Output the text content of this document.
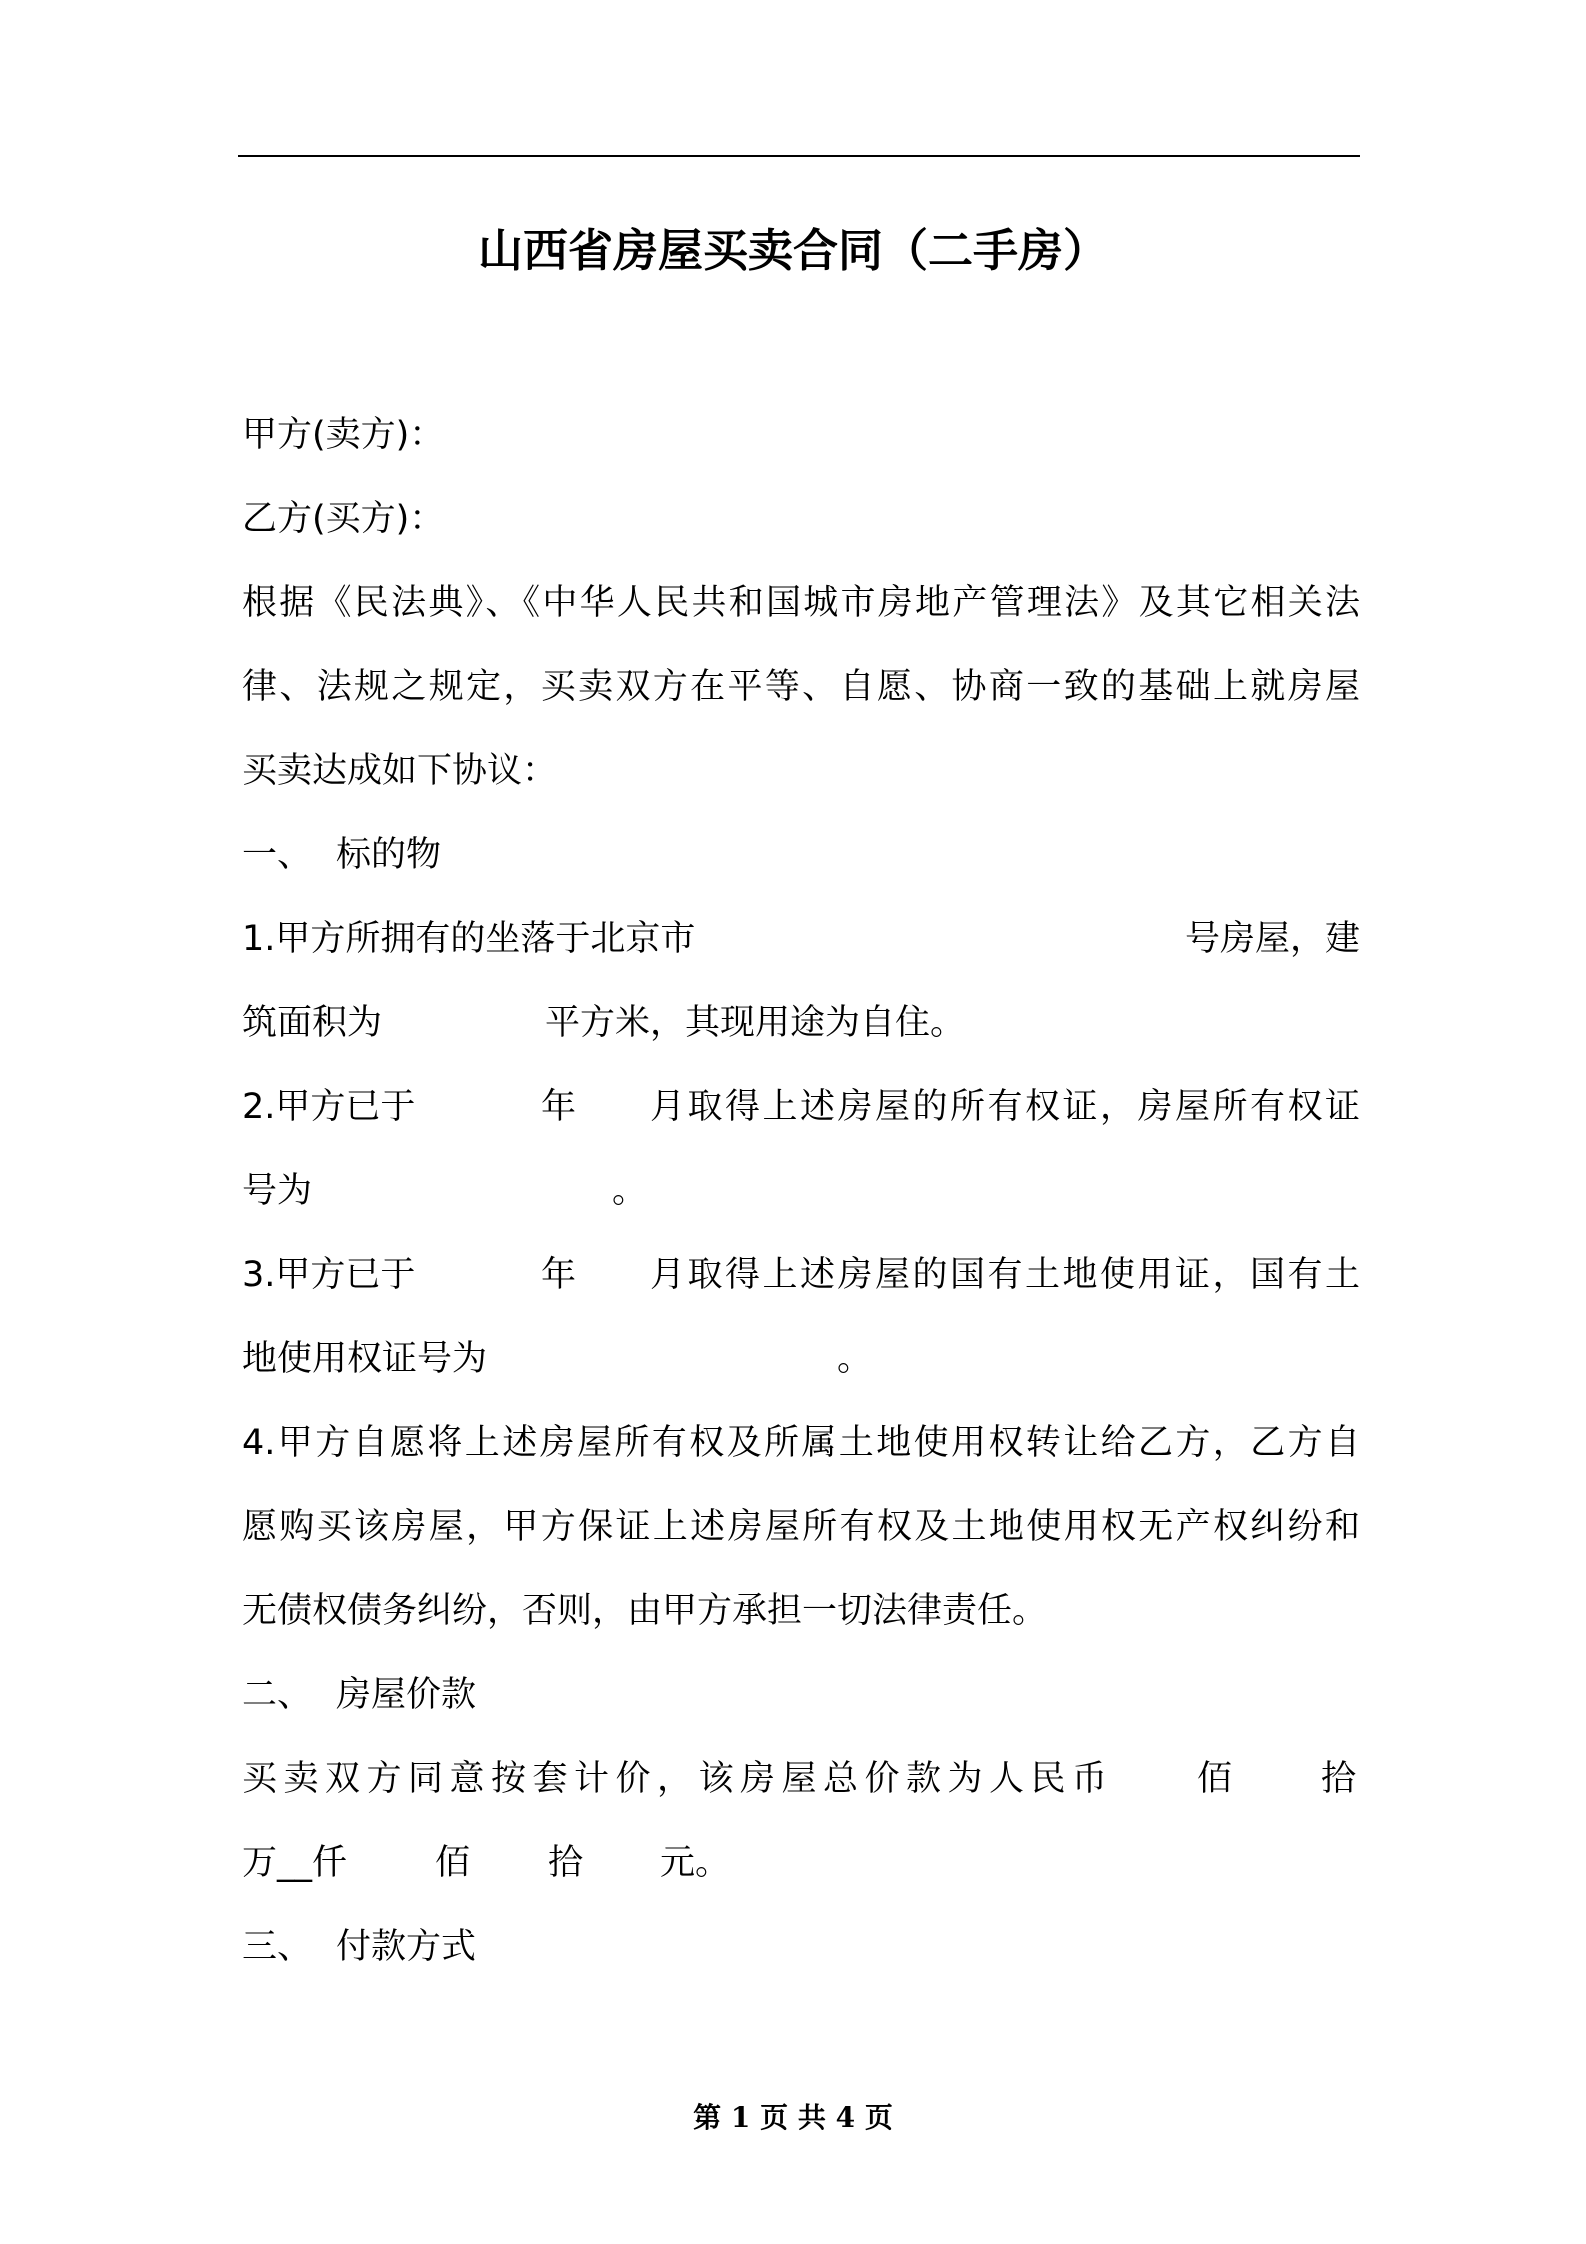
山西省房屋买卖合同（二手房）
甲方(卖方)：
乙方(买方)：
根据《民法典》、《中华人民共和国城市房地产管理法》及其它相关法
律、法规之规定，买卖双方在平等、自愿、协商一致的基础上就房屋
买卖达成如下协议：
一、 标的物
1.甲方所拥有的坐落于北京市	号房屋，建
筑面积为	平方米，其现用途为自住。
2.甲方已于	年 月取得上述房屋的所有权证，房屋所有权证
号为	。
3.甲方已于	年 月取得上述房屋的国有土地使用证，国有土
地使用权证号为	。
4.甲方自愿将上述房屋所有权及所属土地使用权转让给乙方，乙方自
愿购买该房屋，甲方保证上述房屋所有权及土地使用权无产权纠纷和
无债权债务纠纷，否则，由甲方承担一切法律责任。
二、 房屋价款
买卖双方同意按套计价，该房屋总价款为人民币	佰	拾
万__仟	佰 拾 元。
三、 付款方式
第 1 页 共 4 页
